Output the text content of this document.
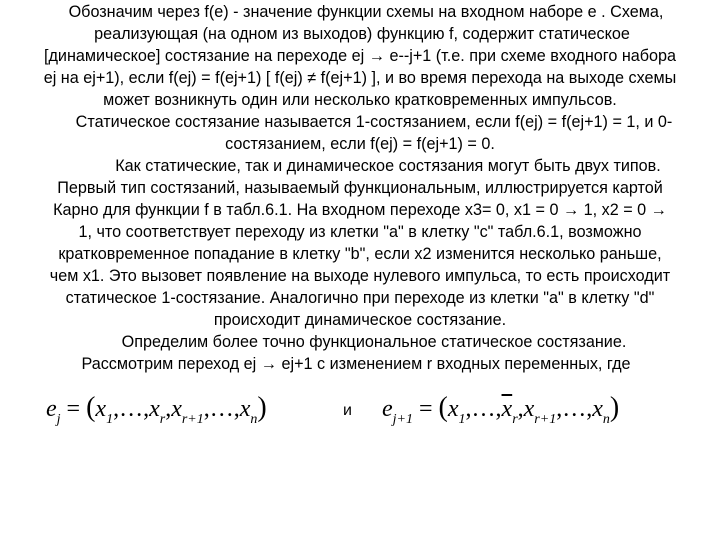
Обозначим через f(e) - значение функции схемы на входном наборе e . Схема,
реализующая (на одном из выходов) функцию f, содержит статическое
[динамическое] состязание на переходе ej → e--j+1 (т.е. при схеме входного набора
ej на ej+1), если f(ej) = f(ej+1) [ f(ej) ≠ f(ej+1) ], и во время перехода на выходе схемы
может возникнуть один или несколько кратковременных импульсов.
Статическое состязание называется 1-состязанием, если f(ej) = f(ej+1) = 1, и 0-
состязанием, если f(ej) = f(ej+1) = 0.
Как статические, так и динамическое состязания могут быть двух типов.
Первый тип состязаний, называемый функциональным, иллюстрируется картой
Карно для функции f в табл.6.1. На входном переходе x3= 0, x1 = 0 → 1, x2 = 0 →
1, что соответствует переходу из клетки "a" в клетку "c" табл.6.1, возможно
кратковременное попадание в клетку "b", если x2 изменится несколько раньше,
чем x1. Это вызовет появление на выходе нулевого импульса, то есть происходит
статическое 1-состязание. Аналогично при переходе из клетки "a" в клетку "d"
происходит динамическое состязание.
Определим более точно функциональное статическое состязание.
Рассмотрим переход ej → ej+1 с изменением r входных переменных, где
$e_j$ = $(x_1,\dots,x_r,x_{r+1},\dots,x_n)$	и $e_{j+1}$ = $(x_1,\dots,\overline{x}_r,x_{r+1},\dots,x_n)$
